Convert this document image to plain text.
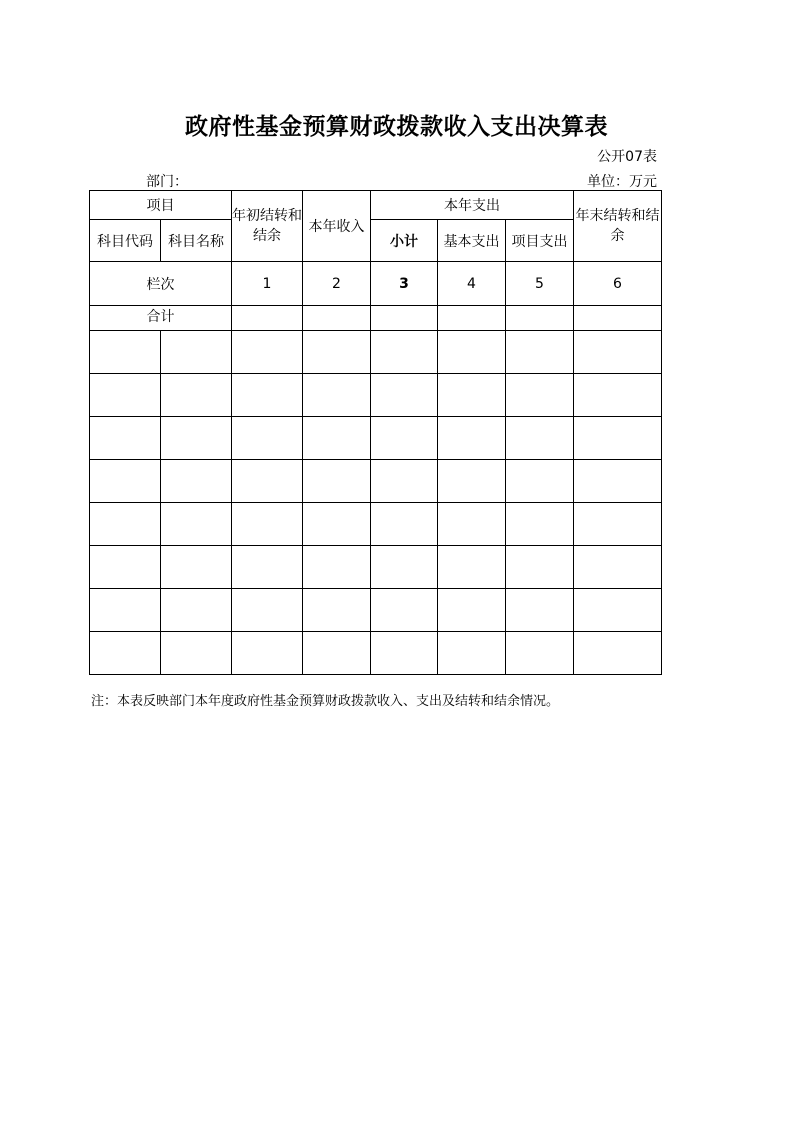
政府性基金预算财政拨款收入支出决算表
公开07表
部门：	单位：万元
项目		年初结转和结余	本年收入	本年支出			年末结转和结余
科目代码	科目名称			小计	基本支出	项目支出	
栏次		1	2	3	4	5	6
合计							

注：本表反映部门本年度政府性基金预算财政拨款收入、支出及结转和结余情况。
